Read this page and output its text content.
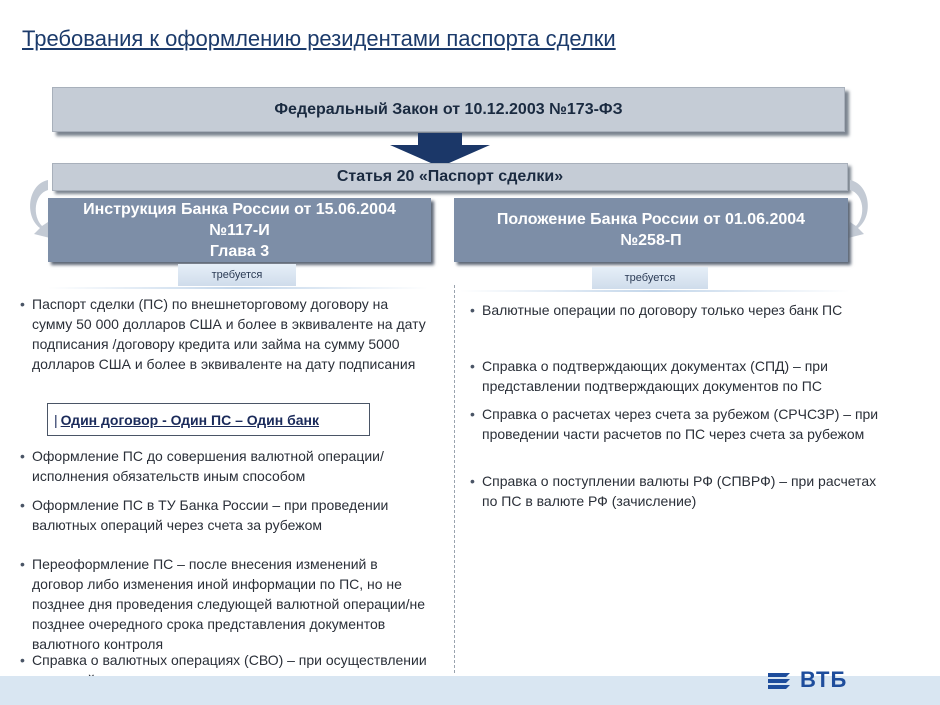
Требования к оформлению резидентами паспорта сделки
Федеральный Закон от 10.12.2003 №173-ФЗ
Статья 20 «Паспорт сделки»
Инструкция Банка России от 15.06.2004
№117-И
Глава 3
Положение Банка России от 01.06.2004
№258-П
требуется	требуется
• Паспорт сделки (ПС) по внешнеторговому договору на сумму 50 000 долларов США и более в эквиваленте на дату подписания /договору кредита или займа на сумму 5000 долларов США и более в эквиваленте на дату подписания
• Оформление ПС до совершения валютной операции/исполнения обязательств иным способом
• Оформление ПС в ТУ Банка России – при проведении валютных операций через счета за рубежом
• Переоформление ПС – после внесения изменений в договор либо изменения иной информации по ПС, но не позднее дня проведения следующей валютной операции/не позднее очередного срока представления документов валютного контроля
• Справка о валютных операциях (СВО) – при осуществлении
| Один договор - Один ПС – Один банк
• Валютные операции по договору только через банк ПС
• Справка о подтверждающих документах (СПД) – при представлении подтверждающих документов по ПС
• Справка о расчетах через счета за рубежом (СРЧСЗР) – при проведении части расчетов по ПС через счета за рубежом
• Справка о поступлении валюты РФ (СПВРФ) – при расчетах по ПС в валюте РФ (зачисление)
ВТБ
